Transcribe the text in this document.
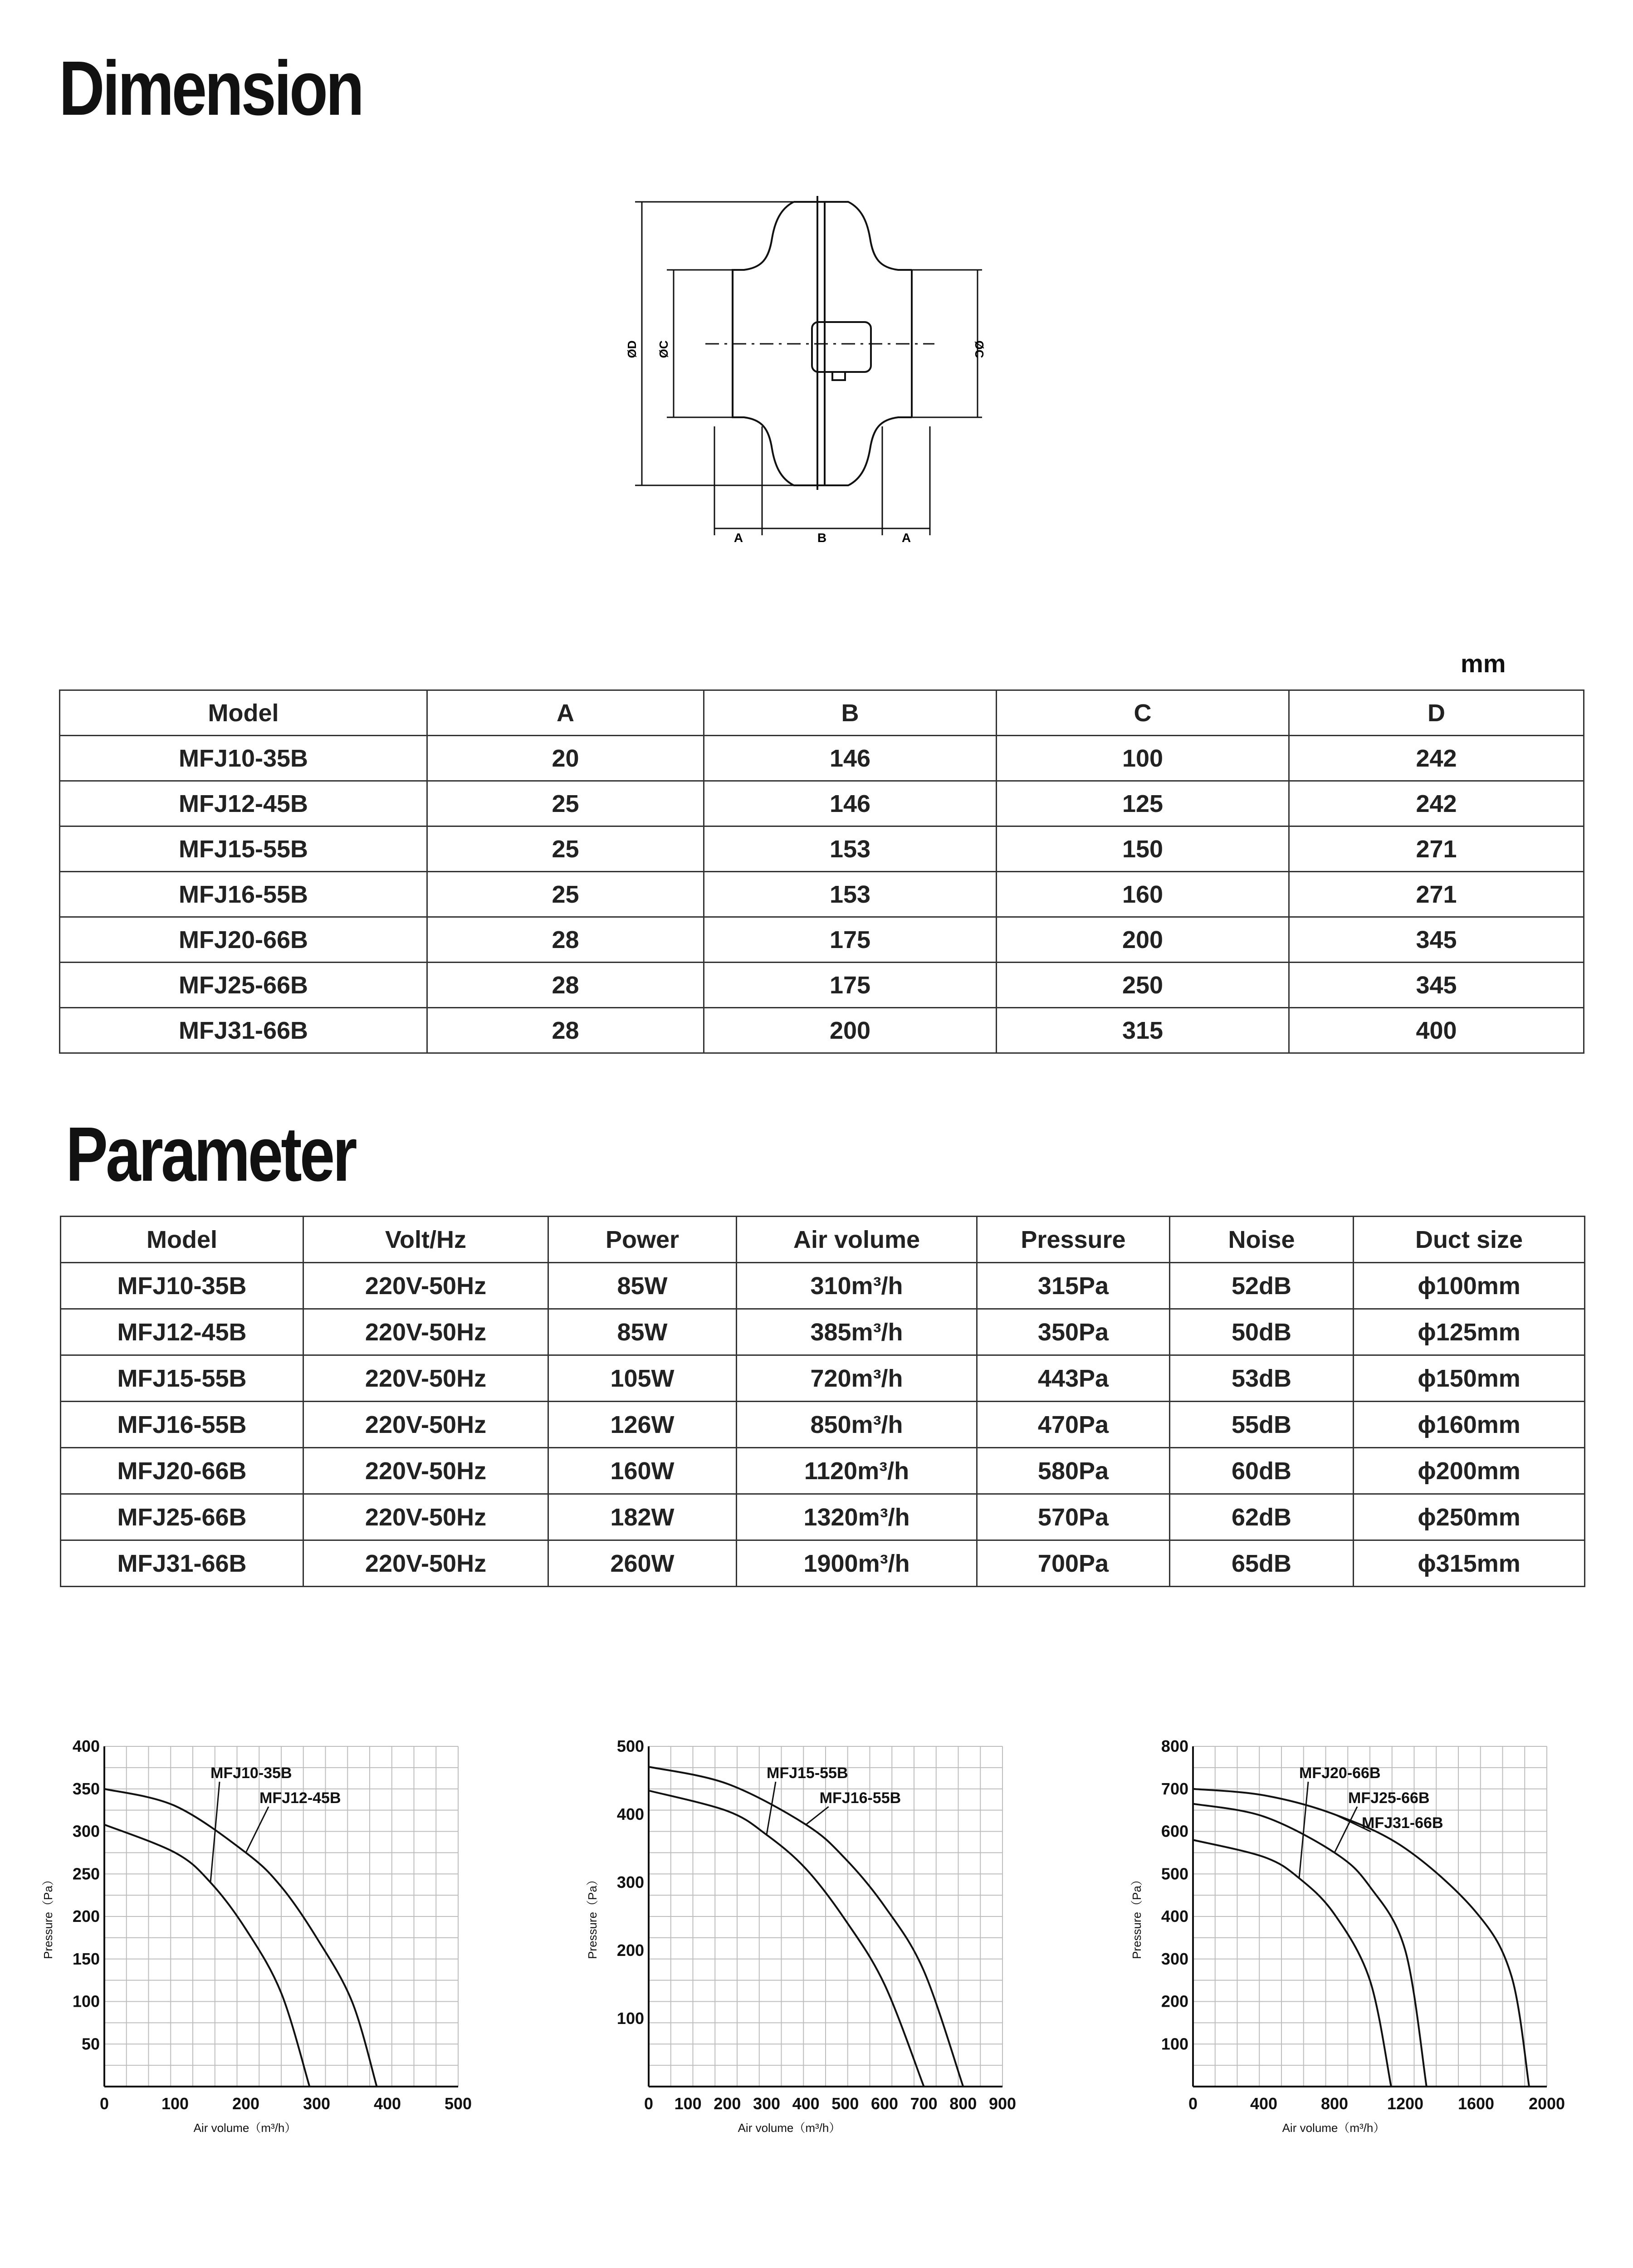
Dimension
ØD ØC	ØC
A	B	A
mm
Model	A	B	C	D
MFJ10-35B	20	146	100	242
MFJ12-45B	25	146	125	242
MFJ15-55B	25	153	150	271
MFJ16-55B	25	153	160	271
MFJ20-66B	28	175	200	345
MFJ25-66B	28	175	250	345
MFJ31-66B	28	200	315	400
Parameter
Model	Volt/Hz	Power	Air volume	Pressure	Noise	Duct size
MFJ10-35B	220V-50Hz	85W	310m³/h	315Pa	52dB	ϕ100mm
MFJ12-45B	220V-50Hz	85W	385m³/h	350Pa	50dB	ϕ125mm
MFJ15-55B	220V-50Hz	105W	720m³/h	443Pa	53dB	ϕ150mm
MFJ16-55B	220V-50Hz	126W	850m³/h	470Pa	55dB	ϕ160mm
MFJ20-66B	220V-50Hz	160W	1120m³/h	580Pa	60dB	ϕ200mm
MFJ25-66B	220V-50Hz	182W	1320m³/h	570Pa	62dB	ϕ250mm
MFJ31-66B	220V-50Hz	260W	1900m³/h	700Pa	65dB	ϕ315mm
0	100	200	300	400	500
50
100
150
200
250
300
350
400
Air volume（m³/h）
Pressure（Pa）
MFJ10-35B
MFJ12-45B
0 100 200 300 400 500 600 700 800 900
100
200
300
400
500
Air volume（m³/h）
Pressure（Pa）
MFJ15-55B
MFJ16-55B
0	400	800 1200 1600 2000
100
200
300
400
500
600
700
800
Air volume（m³/h）
Pressure（Pa）
MFJ20-66B
MFJ25-66B
MFJ31-66B
